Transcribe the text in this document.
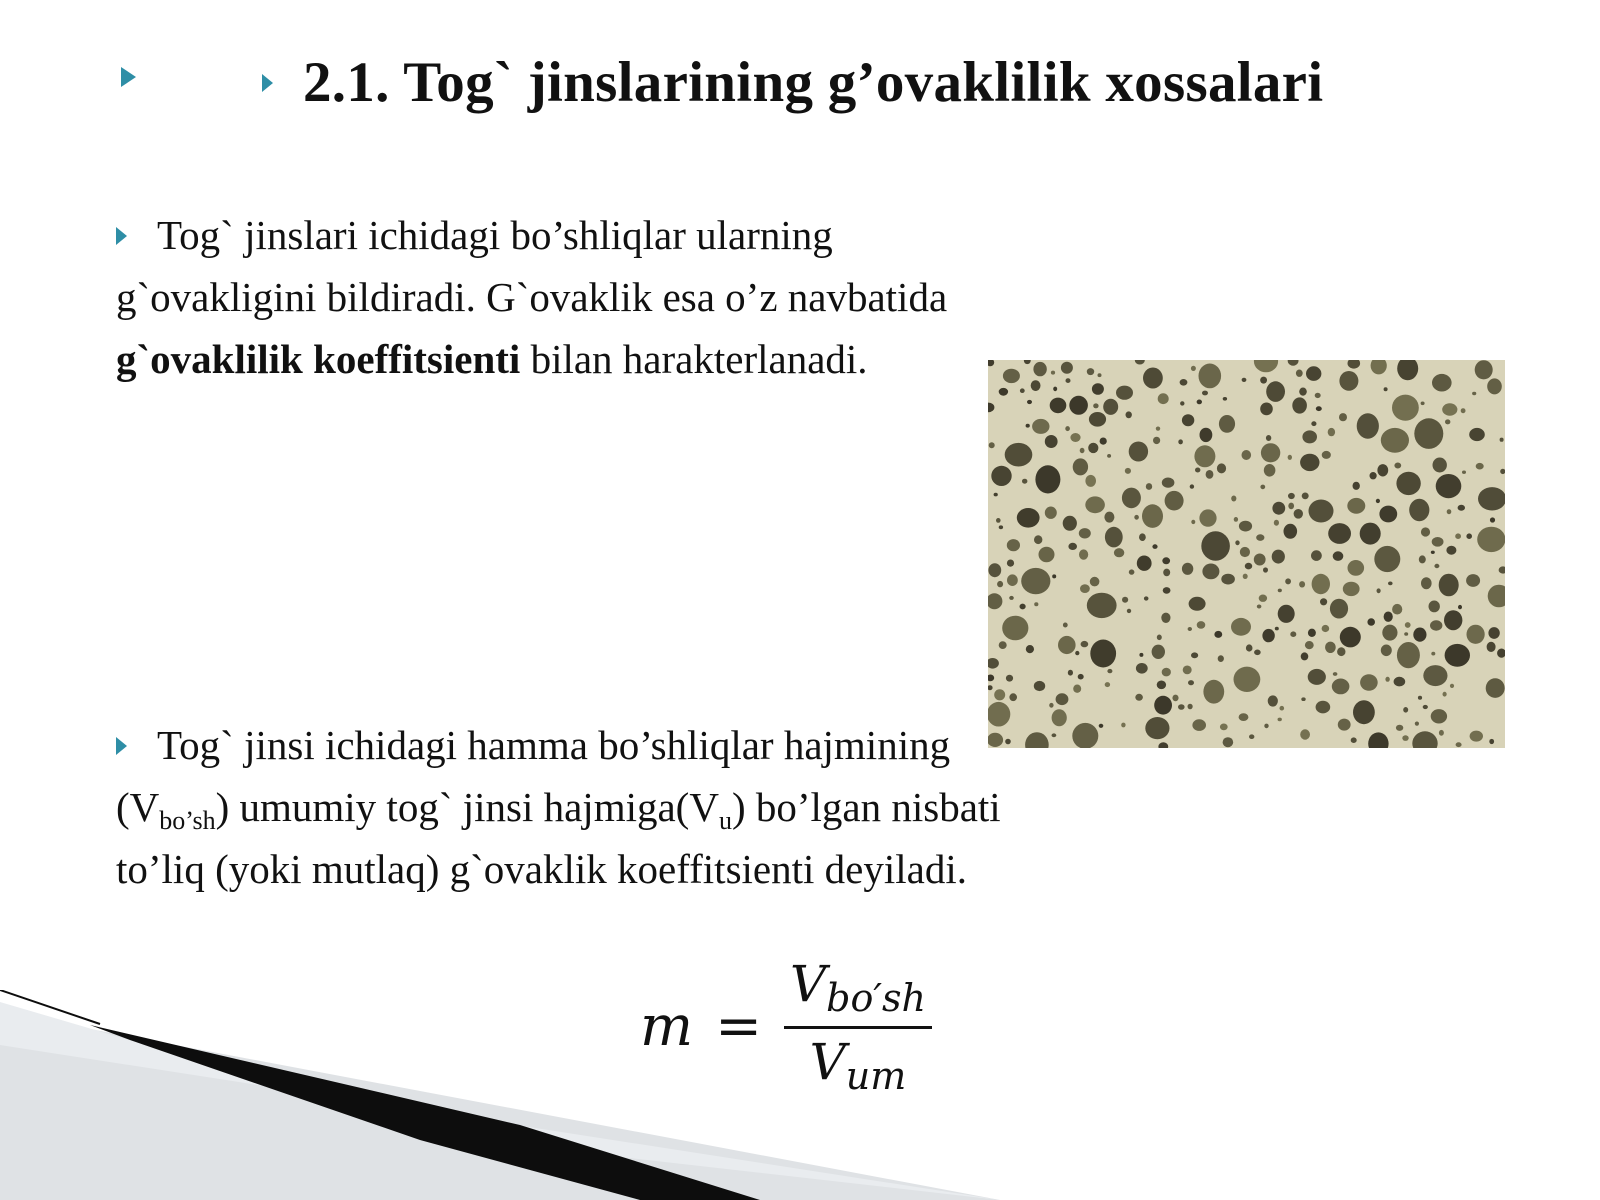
2.1. Tog` jinslarining g’ovaklilik xossalari
Tog` jinslari ichidagi bo’shliqlar ularning g`ovakligini bildiradi. G`ovaklik esa o’z navbatida g`ovaklilik koeffitsienti bilan harakterlanadi.
Tog` jinsi ichidagi hamma bo’shliqlar hajmining $(V_{bo’sh})$ umumiy tog` jinsi $hajmiga(V_u)$ bo’lgan nisbati to’liq (yoki mutlaq) g`ovaklik koeffitsienti deyiladi.
$m = \frac{V_{bo'sh}}{V_{um}}$
